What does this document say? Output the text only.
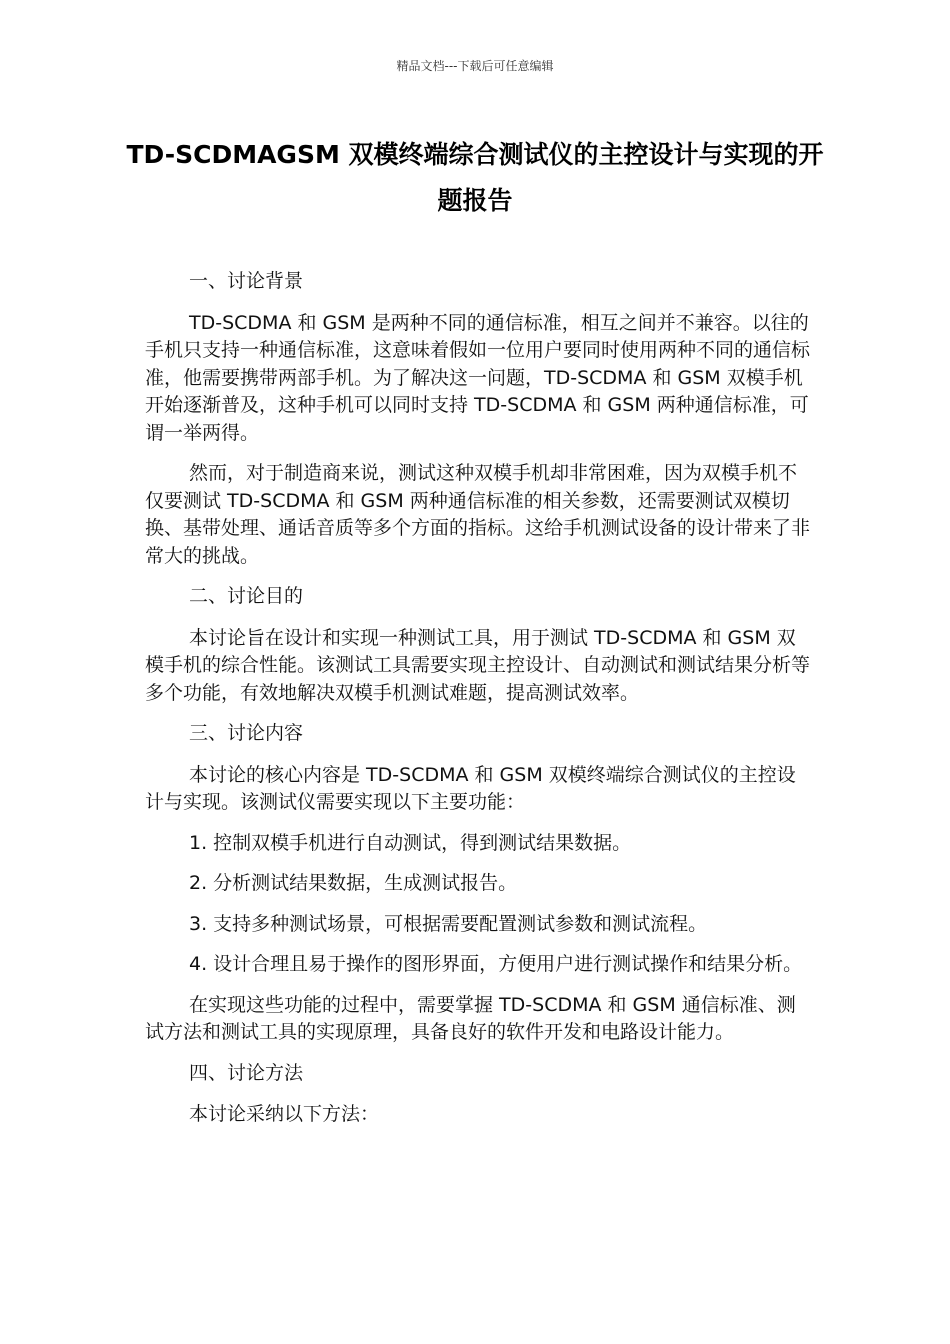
精品文档---下载后可任意编辑
TD-SCDMAGSM 双模终端综合测试仪的主控设计与实现的开题报告

一、讨论背景

TD-SCDMA 和 GSM 是两种不同的通信标准，相互之间并不兼容。以往的手机只支持一种通信标准，这意味着假如一位用户要同时使用两种不同的通信标准，他需要携带两部手机。为了解决这一问题，TD-SCDMA 和 GSM 双模手机开始逐渐普及，这种手机可以同时支持 TD-SCDMA 和 GSM 两种通信标准，可谓一举两得。

然而，对于制造商来说，测试这种双模手机却非常困难，因为双模手机不仅要测试 TD-SCDMA 和 GSM 两种通信标准的相关参数，还需要测试双模切换、基带处理、通话音质等多个方面的指标。这给手机测试设备的设计带来了非常大的挑战。

二、讨论目的

本讨论旨在设计和实现一种测试工具，用于测试 TD-SCDMA 和 GSM 双模手机的综合性能。该测试工具需要实现主控设计、自动测试和测试结果分析等多个功能，有效地解决双模手机测试难题，提高测试效率。

三、讨论内容

本讨论的核心内容是 TD-SCDMA 和 GSM 双模终端综合测试仪的主控设计与实现。该测试仪需要实现以下主要功能：

1. 控制双模手机进行自动测试，得到测试结果数据。

2. 分析测试结果数据，生成测试报告。

3. 支持多种测试场景，可根据需要配置测试参数和测试流程。

4. 设计合理且易于操作的图形界面，方便用户进行测试操作和结果分析。

在实现这些功能的过程中，需要掌握 TD-SCDMA 和 GSM 通信标准、测试方法和测试工具的实现原理，具备良好的软件开发和电路设计能力。

四、讨论方法

本讨论采纳以下方法：
